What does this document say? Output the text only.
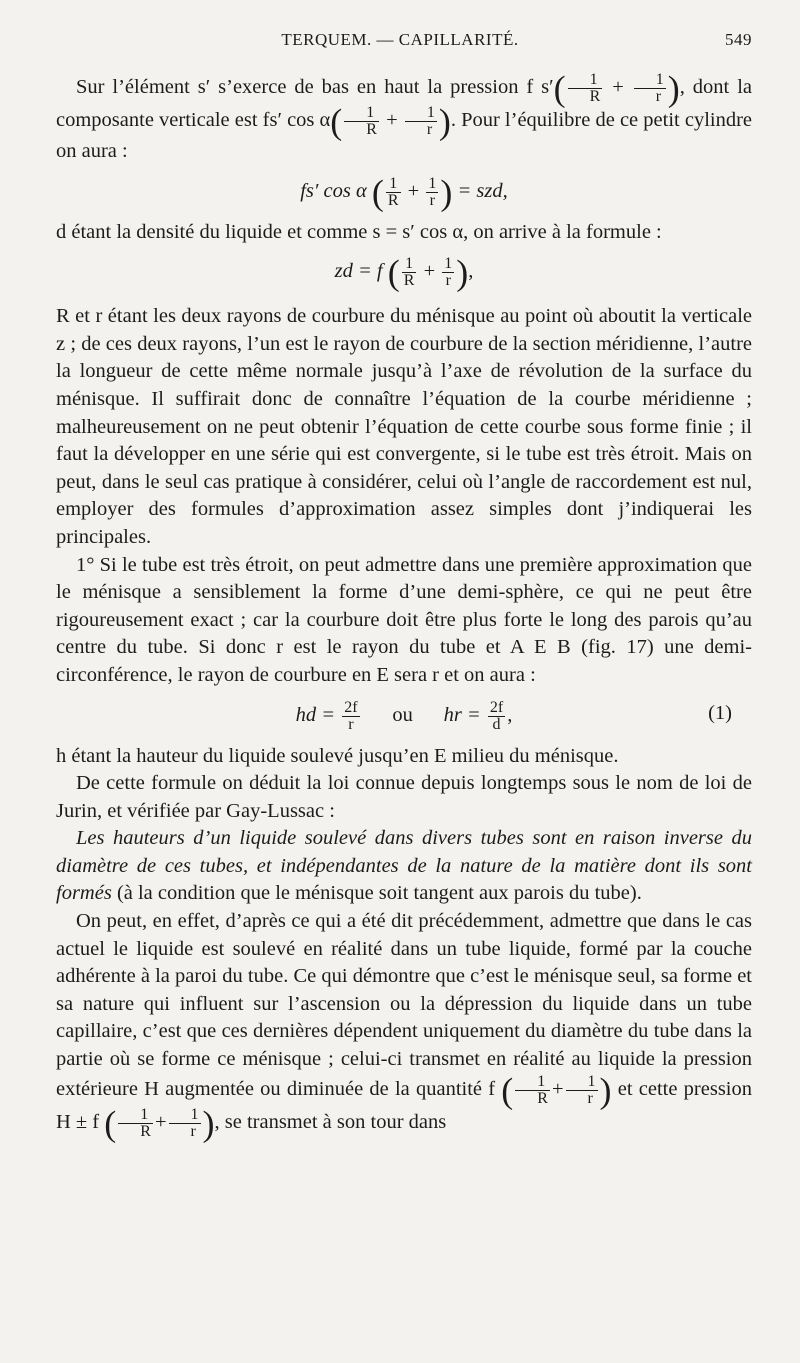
TERQUEM. — CAPILLARITÉ.	549

Sur l’élément s′ s’exerce de bas en haut la pression f $s'( \frac{1}{R} + \frac{1}{r}$ ), dont la composante verticale est fs′ $\cos \alpha( \frac{1}{R} + \frac{1}{r}$ ). Pour l’équilibre de ce petit cylindre on aura :

fs′ cos α ( $\frac{1}{R} + \frac{1}{r}$ ) = szd,

d étant la densité du liquide et comme s = s′ cos α, on arrive à la formule :

zd = f ( $\frac{1}{R} + \frac{1}{r}$ ),

R et r étant les deux rayons de courbure du ménisque au point où aboutit la verticale z ; de ces deux rayons, l’un est le rayon de courbure de la section méridienne, l’autre la longueur de cette même normale jusqu’à l’axe de révolution de la surface du ménisque. Il suffirait donc de connaître l’équation de la courbe méridienne ; malheureusement on ne peut obtenir l’équation de cette courbe sous forme finie ; il faut la développer en une série qui est convergente, si le tube est très étroit. Mais on peut, dans le seul cas pratique à considérer, celui où l’angle de raccordement est nul, employer des formules d’approximation assez simples dont j’indiquerai les principales.

1° Si le tube est très étroit, on peut admettre dans une première approximation que le ménisque a sensiblement la forme d’une demi-sphère, ce qui ne peut être rigoureusement exact ; car la courbure doit être plus forte le long des parois qu’au centre du tube. Si donc r est le rayon du tube et A E B (fig. 17) une demi-circonférence, le rayon de courbure en E sera r et on aura :

hd = $\frac{2f}{r}$ ou hr = $\frac{2f}{d}$ ,	(1)

h étant la hauteur du liquide soulevé jusqu’en E milieu du ménisque.

De cette formule on déduit la loi connue depuis longtemps sous le nom de loi de Jurin, et vérifiée par Gay-Lussac :

Les hauteurs d’un liquide soulevé dans divers tubes sont en raison inverse du diamètre de ces tubes, et indépendantes de la nature de la matière dont ils sont formés (à la condition que le ménisque soit tangent aux parois du tube).

On peut, en effet, d’après ce qui a été dit précédemment, admettre que dans le cas actuel le liquide est soulevé en réalité dans un tube liquide, formé par la couche adhérente à la paroi du tube. Ce qui démontre que c’est le ménisque seul, sa forme et sa nature qui influent sur l’ascension ou la dépression du liquide dans un tube capillaire, c’est que ces dernières dépendent uniquement du diamètre du tube dans la partie où se forme ce ménisque ; celui-ci transmet en réalité au liquide la pression extérieure H augmentée ou diminuée de la quantité f ( $\frac{1}{R} + \frac{1}{r}$ ) et cette pression H ± f ( $\frac{1}{R} + \frac{1}{r}$ ), se transmet à son tour dans
